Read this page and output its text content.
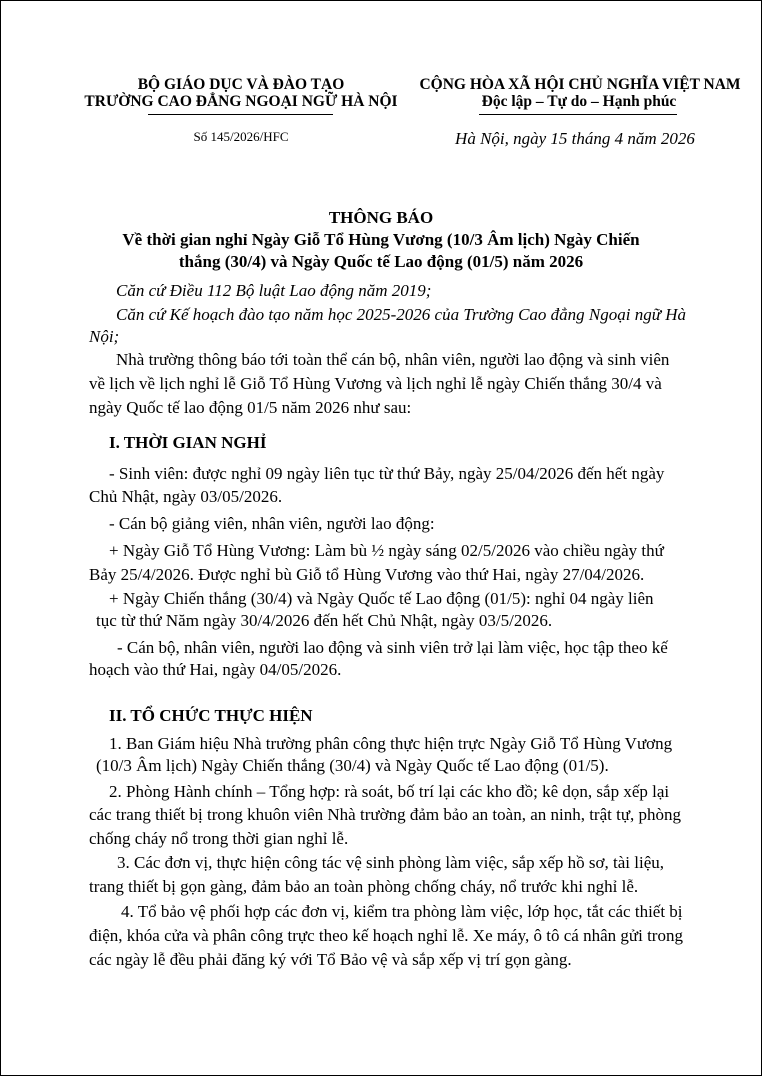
BỘ GIÁO DỤC VÀ ĐÀO TẠO
TRƯỜNG CAO ĐẲNG NGOẠI NGỮ HÀ NỘI
Số 145/2026/HFC
CỘNG HÒA XÃ HỘI CHỦ NGHĨA VIỆT NAM
Độc lập – Tự do – Hạnh phúc
Hà Nội, ngày 15 tháng 4 năm 2026
THÔNG BÁO
Về thời gian nghỉ Ngày Giỗ Tổ Hùng Vương (10/3 Âm lịch) Ngày Chiến
thắng (30/4) và Ngày Quốc tế Lao động (01/5) năm 2026
Căn cứ Điều 112 Bộ luật Lao động năm 2019;
Căn cứ Kế hoạch đào tạo năm học 2025-2026 của Trường Cao đẳng Ngoại ngữ Hà
Nội;
Nhà trường thông báo tới toàn thể cán bộ, nhân viên, người lao động và sinh viên
về lịch về lịch nghỉ lễ Giỗ Tổ Hùng Vương và lịch nghỉ lễ ngày Chiến thắng 30/4 và
ngày Quốc tế lao động 01/5 năm 2026 như sau:
I. THỜI GIAN NGHỈ
- Sinh viên: được nghỉ 09 ngày liên tục từ thứ Bảy, ngày 25/04/2026 đến hết ngày
Chủ Nhật, ngày 03/05/2026.
- Cán bộ giảng viên, nhân viên, người lao động:
+ Ngày Giỗ Tổ Hùng Vương: Làm bù ½ ngày sáng 02/5/2026 vào chiều ngày thứ
Bảy 25/4/2026. Được nghỉ bù Giỗ tổ Hùng Vương vào thứ Hai, ngày 27/04/2026.
+ Ngày Chiến thắng (30/4) và Ngày Quốc tế Lao động (01/5): nghỉ 04 ngày liên
tục từ thứ Năm ngày 30/4/2026 đến hết Chủ Nhật, ngày 03/5/2026.
- Cán bộ, nhân viên, người lao động và sinh viên trở lại làm việc, học tập theo kế
hoạch vào thứ Hai, ngày 04/05/2026.
II. TỔ CHỨC THỰC HIỆN
1. Ban Giám hiệu Nhà trường phân công thực hiện trực Ngày Giỗ Tổ Hùng Vương
(10/3 Âm lịch) Ngày Chiến thắng (30/4) và Ngày Quốc tế Lao động (01/5).
2. Phòng Hành chính – Tổng hợp: rà soát, bố trí lại các kho đồ; kê dọn, sắp xếp lại
các trang thiết bị trong khuôn viên Nhà trường đảm bảo an toàn, an ninh, trật tự, phòng
chống cháy nổ trong thời gian nghỉ lễ.
3. Các đơn vị, thực hiện công tác vệ sinh phòng làm việc, sắp xếp hồ sơ, tài liệu,
trang thiết bị gọn gàng, đảm bảo an toàn phòng chống cháy, nổ trước khi nghỉ lễ.
4. Tổ bảo vệ phối hợp các đơn vị, kiểm tra phòng làm việc, lớp học, tắt các thiết bị
điện, khóa cửa và phân công trực theo kế hoạch nghỉ lễ. Xe máy, ô tô cá nhân gửi trong
các ngày lễ đều phải đăng ký với Tổ Bảo vệ và sắp xếp vị trí gọn gàng.
